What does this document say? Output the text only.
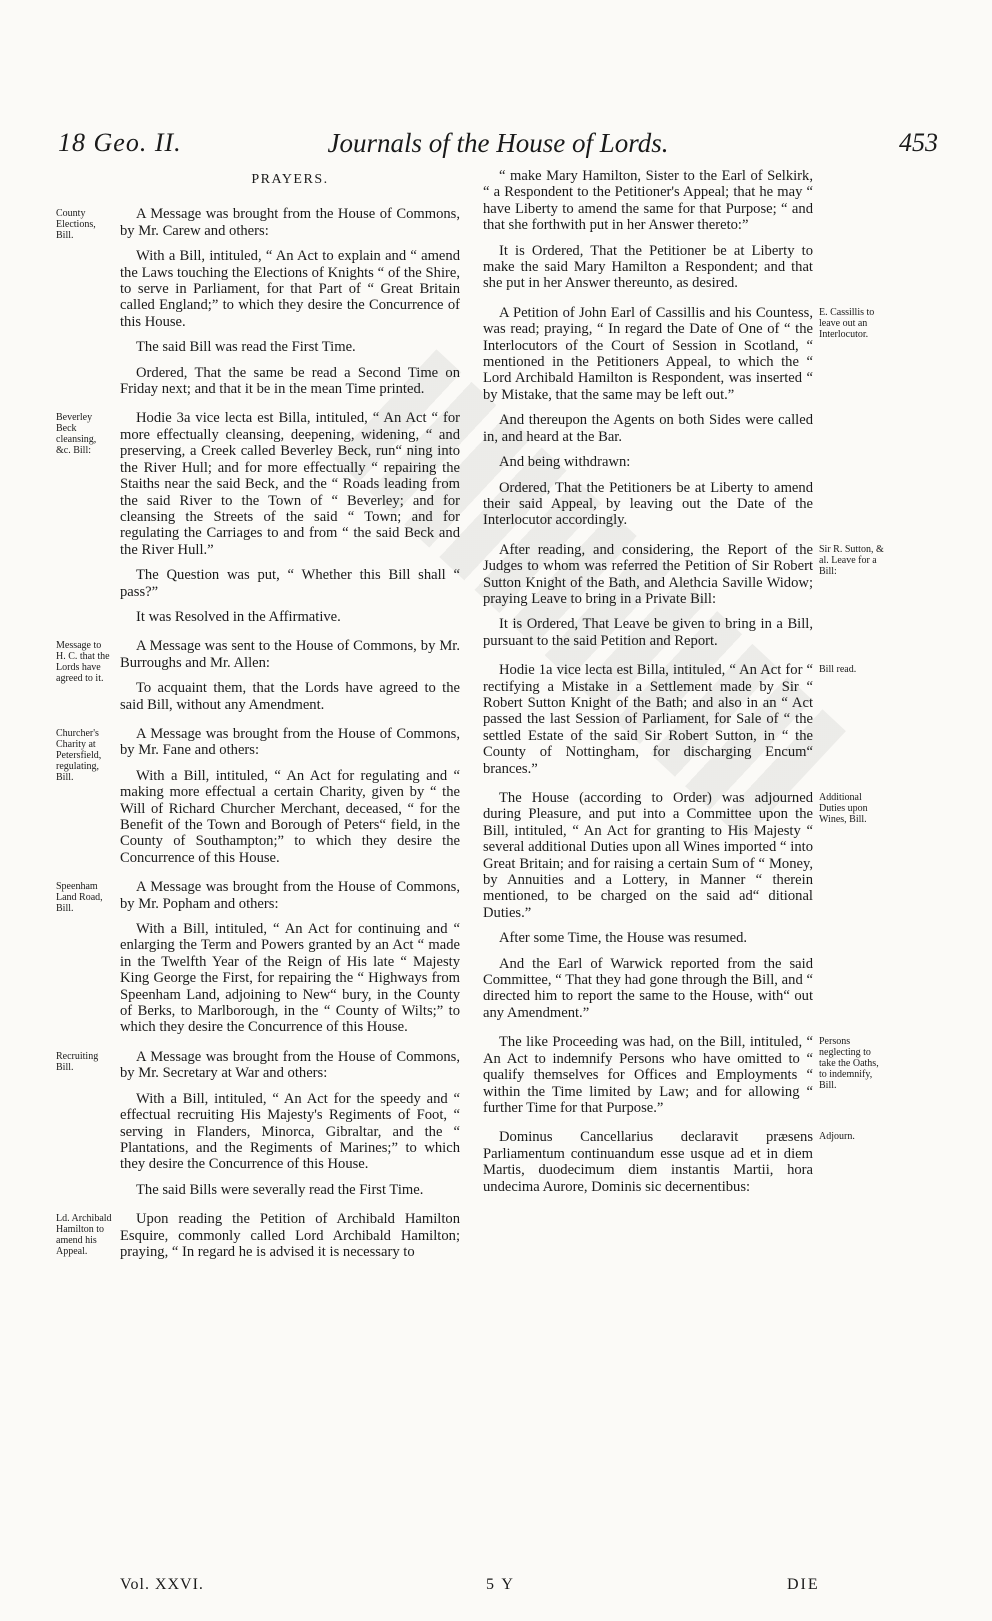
18 Geo. II.	Journals of the House of Lords.	453
PRAYERS.
County Elections, Bill.

A Message was brought from the House of Commons, by Mr. Carew and others:

With a Bill, intituled, “ An Act to explain and “ amend the Laws touching the Elections of Knights “ of the Shire, to serve in Parliament, for that Part of “ Great Britain called England;” to which they desire the Concurrence of this House.

The said Bill was read the First Time.

Ordered, That the same be read a Second Time on Friday next; and that it be in the mean Time printed.

Beverley Beck cleansing, &c. Bill:

Hodie 3a vice lecta est Billa, intituled, “ An Act “ for more effectually cleansing, deepening, widening, “ and preserving, a Creek called Beverley Beck, run“ ning into the River Hull; and for more effectually “ repairing the Staiths near the said Beck, and the “ Roads leading from the said River to the Town of “ Beverley; and for cleansing the Streets of the said “ Town; and for regulating the Carriages to and from “ the said Beck and the River Hull.”

The Question was put, “ Whether this Bill shall “ pass?”

It was Resolved in the Affirmative.

Message to H. C. that the Lords have agreed to it.

A Message was sent to the House of Commons, by Mr. Burroughs and Mr. Allen:

To acquaint them, that the Lords have agreed to the said Bill, without any Amendment.

Churcher's Charity at Petersfield, regulating, Bill.

A Message was brought from the House of Commons, by Mr. Fane and others:

With a Bill, intituled, “ An Act for regulating and “ making more effectual a certain Charity, given by “ the Will of Richard Churcher Merchant, deceased, “ for the Benefit of the Town and Borough of Peters“ field, in the County of Southampton;” to which they desire the Concurrence of this House.

Speenham Land Road, Bill.

A Message was brought from the House of Commons, by Mr. Popham and others:

With a Bill, intituled, “ An Act for continuing and “ enlarging the Term and Powers granted by an Act “ made in the Twelfth Year of the Reign of His late “ Majesty King George the First, for repairing the “ Highways from Speenham Land, adjoining to New“ bury, in the County of Berks, to Marlborough, in the “ County of Wilts;” to which they desire the Concurrence of this House.

Recruiting Bill.

A Message was brought from the House of Commons, by Mr. Secretary at War and others:

With a Bill, intituled, “ An Act for the speedy and “ effectual recruiting His Majesty's Regiments of Foot, “ serving in Flanders, Minorca, Gibraltar, and the “ Plantations, and the Regiments of Marines;” to which they desire the Concurrence of this House.

The said Bills were severally read the First Time.

Ld. Archibald Hamilton to amend his Appeal.

Upon reading the Petition of Archibald Hamilton Esquire, commonly called Lord Archibald Hamilton; praying, “ In regard he is advised it is necessary to

“ make Mary Hamilton, Sister to the Earl of Selkirk, “ a Respondent to the Petitioner's Appeal; that he may “ have Liberty to amend the same for that Purpose; “ and that she forthwith put in her Answer thereto:”

It is Ordered, That the Petitioner be at Liberty to make the said Mary Hamilton a Respondent; and that she put in her Answer thereunto, as desired.

E. Cassillis to leave out an Interlocutor.

A Petition of John Earl of Cassillis and his Countess, was read; praying, “ In regard the Date of One of “ the Interlocutors of the Court of Session in Scotland, “ mentioned in the Petitioners Appeal, to which the “ Lord Archibald Hamilton is Respondent, was inserted “ by Mistake, that the same may be left out.”

And thereupon the Agents on both Sides were called in, and heard at the Bar.

And being withdrawn:

Ordered, That the Petitioners be at Liberty to amend their said Appeal, by leaving out the Date of the Interlocutor accordingly.

Sir R. Sutton, & al. Leave for a Bill:

After reading, and considering, the Report of the Judges to whom was referred the Petition of Sir Robert Sutton Knight of the Bath, and Alethcia Saville Widow; praying Leave to bring in a Private Bill:

It is Ordered, That Leave be given to bring in a Bill, pursuant to the said Petition and Report.

Bill read.

Hodie 1a vice lecta est Billa, intituled, “ An Act for “ rectifying a Mistake in a Settlement made by Sir “ Robert Sutton Knight of the Bath; and also in an “ Act passed the last Session of Parliament, for Sale of “ the settled Estate of the said Sir Robert Sutton, in “ the County of Nottingham, for discharging Encum“ brances.”

Additional Duties upon Wines, Bill.

The House (according to Order) was adjourned during Pleasure, and put into a Committee upon the Bill, intituled, “ An Act for granting to His Majesty “ several additional Duties upon all Wines imported “ into Great Britain; and for raising a certain Sum of “ Money, by Annuities and a Lottery, in Manner “ therein mentioned, to be charged on the said ad“ ditional Duties.”

After some Time, the House was resumed.

And the Earl of Warwick reported from the said Committee, “ That they had gone through the Bill, and “ directed him to report the same to the House, with“ out any Amendment.”

Persons neglecting to take the Oaths, to indemnify, Bill.

The like Proceeding was had, on the Bill, intituled, “ An Act to indemnify Persons who have omitted to “ qualify themselves for Offices and Employments “ within the Time limited by Law; and for allowing “ further Time for that Purpose.”

Adjourn.

Dominus Cancellarius declaravit præsens Parliamentum continuandum esse usque ad et in diem Martis, duodecimum diem instantis Martii, hora undecima Aurore, Dominis sic decernentibus:

Vol. XXVI.	5 Y	DIE
